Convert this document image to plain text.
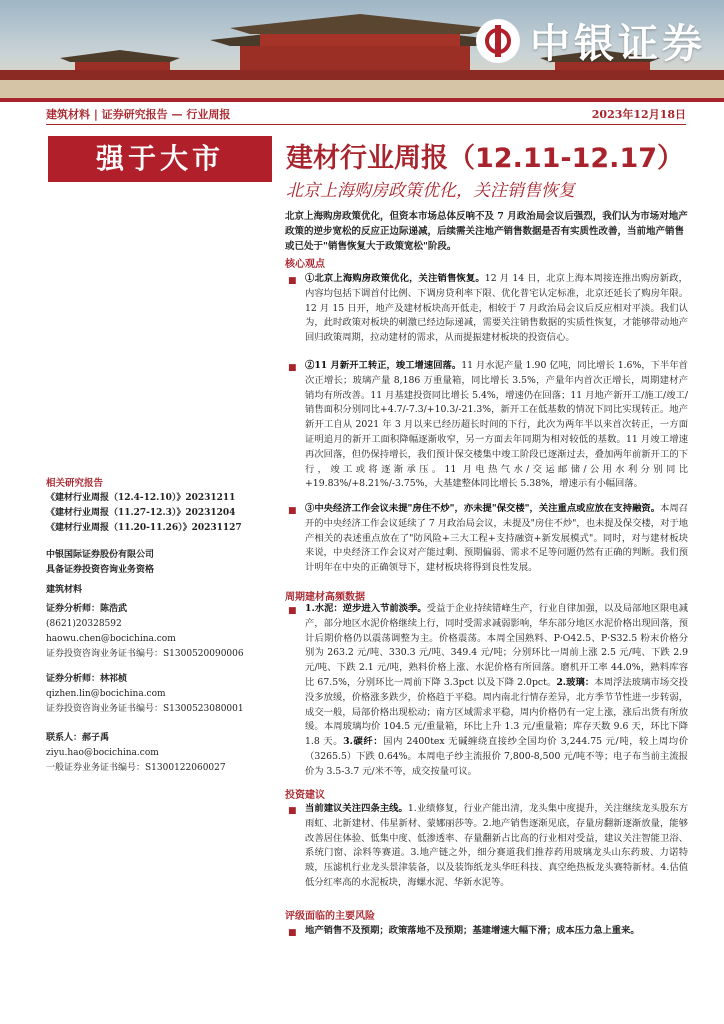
中银证券
建筑材料 | 证券研究报告 — 行业周报	2023年12月18日
强于大市	建材行业周报（12.11-12.17）
北京上海购房政策优化，关注销售恢复
北京上海购房政策优化，但资本市场总体反响不及 7 月政治局会议后强烈，我们认为市场对地产政策的逆步宽松的反应正边际递减，后续需关注地产销售数据是否有实质性改善，当前地产销售或已处于"销售恢复大于政策宽松"阶段。
核心观点
■ ①北京上海购房政策优化，关注销售恢复。12 月 14 日，北京上海本周接连推出购房新政，内容均包括下调首付比例、下调房贷利率下限、优化普宅认定标准，北京还延长了购房年限。12 月 15 日开，地产及建材板块高开低走，相较于 7 月政治局会议后反应相对平淡。我们认为，此时政策对板块的刺激已经边际递减，需要关注销售数据的实质性恢复，才能够带动地产回归政策周期，拉动建材的需求，从而提振建材板块的投资信心。
■ ②11 月新开工转正，竣工增速回落。11 月水泥产量 1.90 亿吨，同比增长 1.6%，下半年首次正增长；玻璃产量 8,186 万重量箱，同比增长 3.5%，产量年内首次正增长，周期建材产销均有所改善。11 月基建投资同比增长 5.4%，增速仍在回落；11 月地产新开工/施工/竣工/销售面积分别同比+4.7/-7.3/+10.3/-21.3%，新开工在低基数的情况下同比实现转正。地产新开工自从 2021 年 3 月以来已经历超长时间的下行，此次为两年半以来首次转正，一方面证明追月的新开工面积降幅逐渐收窄，另一方面去年同期为相对较低的基数。11 月竣工增速再次回落，但仍保持增长，我们预计保交楼集中竣工阶段已逐渐过去，叠加两年前新开工的下行，竣工或将逐渐承压。11 月电热气水/交运邮储/公用水利分别同比+19.83%/+8.21%/-3.75%，大基建整体同比增长 5.38%，增速示有小幅回落。
■ ③中央经济工作会议未提"房住不炒"，亦未提"保交楼"，关注重点或应放在支持融资。本周召开的中央经济工作会议延续了 7 月政治局会议，未提及"房住不炒"，也未提及保交楼，对于地产相关的表述重点放在了"防风险+三大工程+支持融资+新发展模式"。同时，对与建材板块来说，中央经济工作会议对产能过剩、预期偏弱、需求不足等问题仍然有正确的判断。我们预计明年在中央的正确领导下，建材板块将得到良性发展。
周期建材高频数据
■ 1.水泥：逆步进入节前淡季。受益于企业持续错峰生产，行业自律加强，以及局部地区限电减产，部分地区水泥价格继续上行，同时受需求减弱影响，华东部分地区水泥价格出现回落，预计后期价格仍以震荡调整为主。价格震荡。本周全国熟料、P·O42.5、P·S32.5 粉末价格分别为 263.2 元/吨、330.3 元/吨、349.4 元/吨；分别环比一周前上涨 2.5 元/吨、下跌 2.9 元/吨、下跌 2.1 元/吨，熟料价格上涨、水泥价格有所回落。磨机开工率 44.0%，熟料库容比 67.5%，分别环比一周前下降 3.3pct 以及下降 2.0pct。2.玻璃：本周浮法玻璃市场交投没多放缓，价格涨多跌少，价格趋于平稳。周内南北行情存差异，北方季节节性进一步转弱，成交一般，局部价格出现松动；南方区域需求平稳，周内价格仍有一定上涨，涨后出货有所放缓。本周玻璃均价 104.5 元/重量箱，环比上升 1.3 元/重量箱；库存天数 9.6 天，环比下降 1.8 天。3.碳纤：国内 2400tex 无碱缠绕直接纱全国均价 3,244.75 元/吨，较上周均价（3265.5）下跌 0.64%。本周电子纱主流报价 7,800-8,500 元/吨不等；电子布当前主流报价为 3.5-3.7 元/米不等，成交按量可议。
投资建议
■ 当前建议关注四条主线。1.业绩修复，行业产能出清，龙头集中度提升，关注继续龙头股东方雨虹、北新建材、伟星新材、蒙娜丽莎等。2.地产销售逐渐见底，存量房翻新逐渐放量，能够改善居住体验、低集中度、低渗透率、存量翻新占比高的行业相对受益，建议关注智能卫浴、系统门窗、涂料等赛道。3.地产链之外，细分赛道我们推荐药用玻璃龙头山东药玻、力诺特玻，压滤机行业龙头景津装备，以及装饰纸龙头华旺科技、真空绝热板龙头赛特新材。4.估值低分红率高的水泥板块，海螺水泥、华新水泥等。
评级面临的主要风险
■ 地产销售不及预期；政策落地不及预期；基建增速大幅下滑；成本压力急上重来。
相关研究报告
《建材行业周报（12.4-12.10）》20231211
《建材行业周报（11.27-12.3）》20231204
《建材行业周报（11.20-11.26）》20231127
中银国际证券股份有限公司
具备证券投资咨询业务资格
建筑材料
证券分析师：陈浩武
(8621)20328592
haowu.chen@bocichina.com
证券投资咨询业务证书编号：S1300520090006
证券分析师：林祁桢
qizhen.lin@bocichina.com
证券投资咨询业务证书编号：S1300523080001
联系人：郝子禹
ziyu.hao@bocichina.com
一般证券业务证书编号：S1300122060027
